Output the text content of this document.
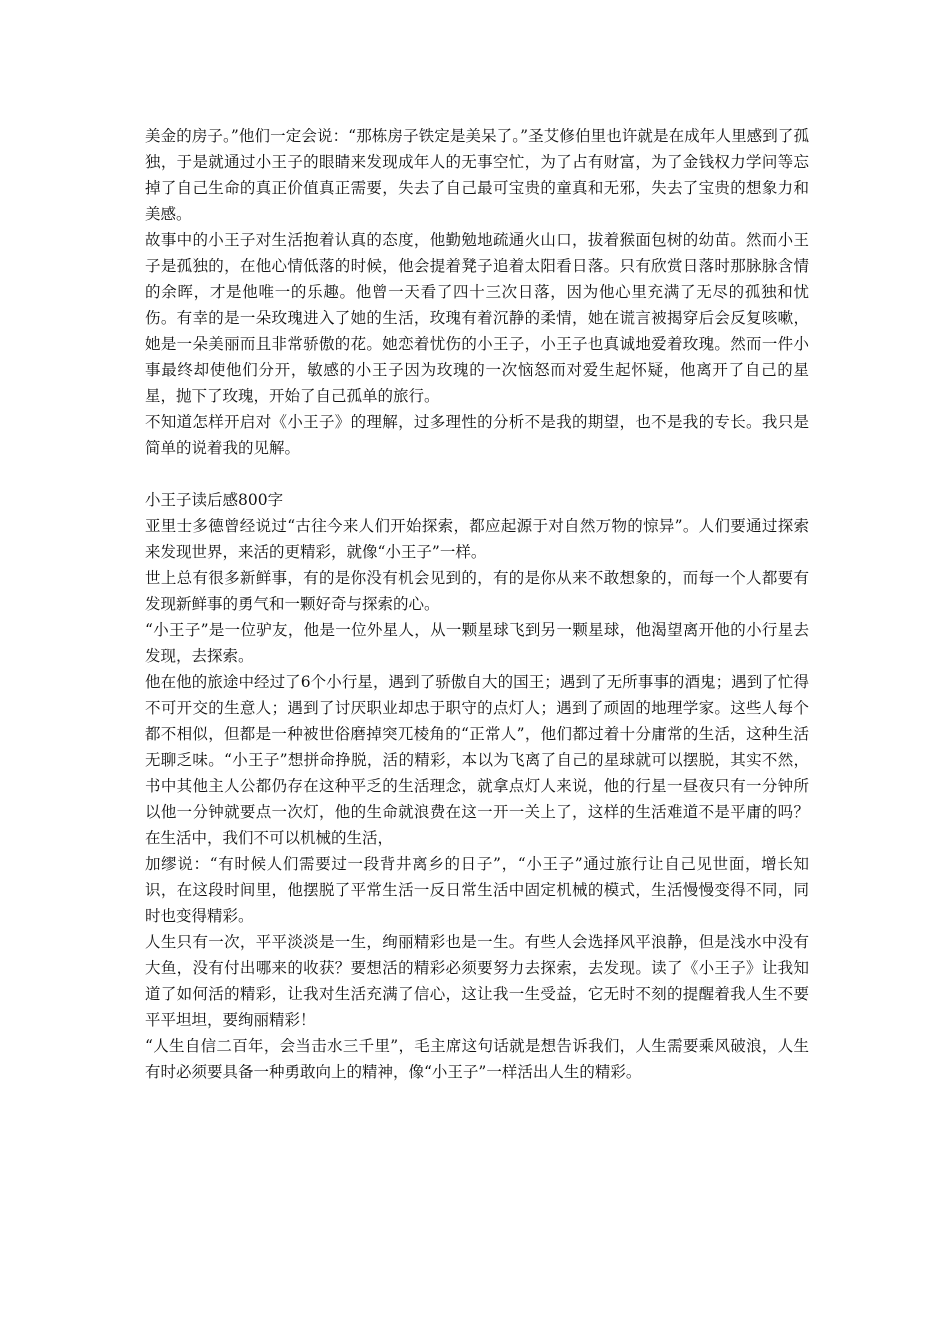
美金的房子。”他们一定会说：“那栋房子铁定是美呆了。”圣艾修伯里也许就是在成年人里感到了孤独，于是就通过小王子的眼睛来发现成年人的无事空忙，为了占有财富，为了金钱权力学问等忘掉了自己生命的真正价值真正需要，失去了自己最可宝贵的童真和无邪，失去了宝贵的想象力和美感。

故事中的小王子对生活抱着认真的态度，他勤勉地疏通火山口，拔着猴面包树的幼苗。然而小王子是孤独的，在他心情低落的时候，他会提着凳子追着太阳看日落。只有欣赏日落时那脉脉含情的余晖，才是他唯一的乐趣。他曾一天看了四十三次日落，因为他心里充满了无尽的孤独和忧伤。有幸的是一朵玫瑰进入了她的生活，玫瑰有着沉静的柔情，她在谎言被揭穿后会反复咳嗽，她是一朵美丽而且非常骄傲的花。她恋着忧伤的小王子，小王子也真诚地爱着玫瑰。然而一件小事最终却使他们分开，敏感的小王子因为玫瑰的一次恼怒而对爱生起怀疑，他离开了自己的星星，抛下了玫瑰，开始了自己孤单的旅行。

不知道怎样开启对《小王子》的理解，过多理性的分析不是我的期望，也不是我的专长。我只是简单的说着我的见解。

小王子读后感800字

亚里士多德曾经说过“古往今来人们开始探索，都应起源于对自然万物的惊异”。人们要通过探索来发现世界，来活的更精彩，就像“小王子”一样。

世上总有很多新鲜事，有的是你没有机会见到的，有的是你从来不敢想象的，而每一个人都要有发现新鲜事的勇气和一颗好奇与探索的心。

“小王子”是一位驴友，他是一位外星人，从一颗星球飞到另一颗星球，他渴望离开他的小行星去发现，去探索。

他在他的旅途中经过了6个小行星，遇到了骄傲自大的国王；遇到了无所事事的酒鬼；遇到了忙得不可开交的生意人；遇到了讨厌职业却忠于职守的点灯人；遇到了顽固的地理学家。这些人每个都不相似，但都是一种被世俗磨掉突兀棱角的“正常人”，他们都过着十分庸常的生活，这种生活无聊乏味。“小王子”想拼命挣脱，活的精彩，本以为飞离了自己的星球就可以摆脱，其实不然，书中其他主人公都仍存在这种平乏的生活理念，就拿点灯人来说，他的行星一昼夜只有一分钟所以他一分钟就要点一次灯，他的生命就浪费在这一开一关上了，这样的生活难道不是平庸的吗？在生活中，我们不可以机械的生活，

加缪说：“有时候人们需要过一段背井离乡的日子”，“小王子”通过旅行让自己见世面，增长知识，在这段时间里，他摆脱了平常生活一反日常生活中固定机械的模式，生活慢慢变得不同，同时也变得精彩。

人生只有一次，平平淡淡是一生，绚丽精彩也是一生。有些人会选择风平浪静，但是浅水中没有大鱼，没有付出哪来的收获？要想活的精彩必须要努力去探索，去发现。读了《小王子》让我知道了如何活的精彩，让我对生活充满了信心，这让我一生受益，它无时不刻的提醒着我人生不要平平坦坦，要绚丽精彩！

“人生自信二百年，会当击水三千里”，毛主席这句话就是想告诉我们，人生需要乘风破浪，人生有时必须要具备一种勇敢向上的精神，像“小王子”一样活出人生的精彩。
